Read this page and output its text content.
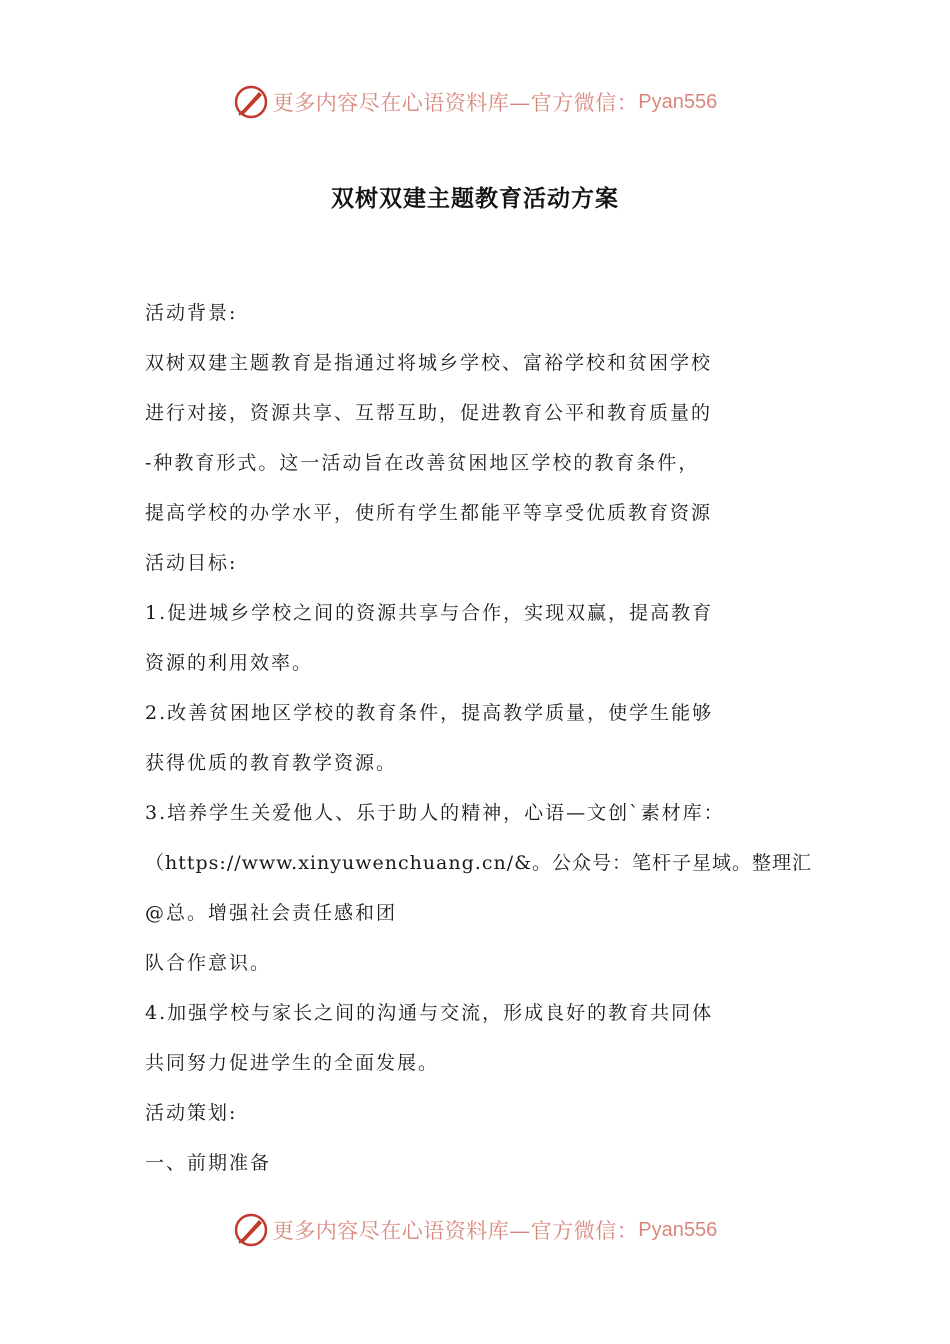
更多内容尽在心语资料库—官方微信： Pyan556
双树双建主题教育活动方案
活动背景:
双树双建主题教育是指通过将城乡学校、富裕学校和贫困学校
进行对接，资源共享、互帮互助，促进教育公平和教育质量的
-种教育形式。这一活动旨在改善贫困地区学校的教育条件，
提高学校的办学水平，使所有学生都能平等享受优质教育资源
活动目标:
1.促进城乡学校之间的资源共享与合作，实现双赢，提高教育
资源的利用效率。
2.改善贫困地区学校的教育条件，提高教学质量，使学生能够
获得优质的教育教学资源。
3.培养学生关爱他人、乐于助人的精神，心语—文创`素材库：
（https://www.xinyuwenchuang.cn/&。公众号：笔杆子星域。整理汇
@总。增强社会责任感和团
队合作意识。
4.加强学校与家长之间的沟通与交流，形成良好的教育共同体
共同努力促进学生的全面发展。
活动策划:
一、前期准备
更多内容尽在心语资料库—官方微信： Pyan556
